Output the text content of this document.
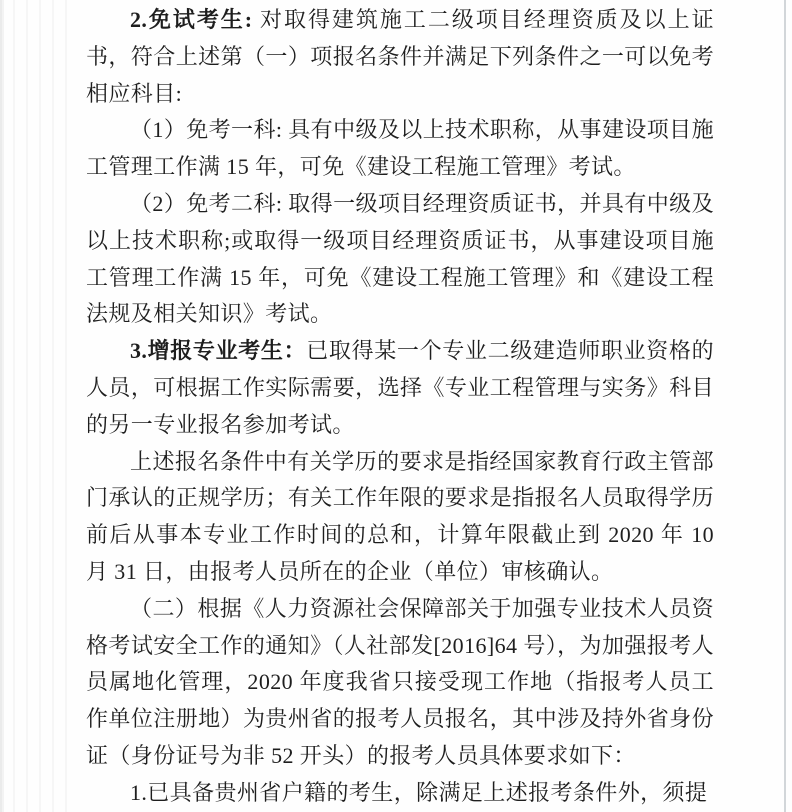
2.免试考生: 对取得建筑施工二级项目经理资质及以上证书，符合上述第（一）项报名条件并满足下列条件之一可以免考相应科目:

（1）免考一科: 具有中级及以上技术职称，从事建设项目施工管理工作满 15 年，可免《建设工程施工管理》考试。

（2）免考二科: 取得一级项目经理资质证书，并具有中级及以上技术职称;或取得一级项目经理资质证书，从事建设项目施工管理工作满 15 年，可免《建设工程施工管理》和《建设工程法规及相关知识》考试。

3.增报专业考生：已取得某一个专业二级建造师职业资格的人员，可根据工作实际需要，选择《专业工程管理与实务》科目的另一专业报名参加考试。

上述报名条件中有关学历的要求是指经国家教育行政主管部门承认的正规学历；有关工作年限的要求是指报名人员取得学历前后从事本专业工作时间的总和，计算年限截止到 2020 年 10 月 31 日，由报考人员所在的企业（单位）审核确认。

（二）根据《人力资源社会保障部关于加强专业技术人员资格考试安全工作的通知》（人社部发[2016]64 号），为加强报考人员属地化管理，2020 年度我省只接受现工作地（指报考人员工作单位注册地）为贵州省的报考人员报名，其中涉及持外省身份证（身份证号为非 52 开头）的报考人员具体要求如下：

1.已具备贵州省户籍的考生，除满足上述报考条件外，须提
